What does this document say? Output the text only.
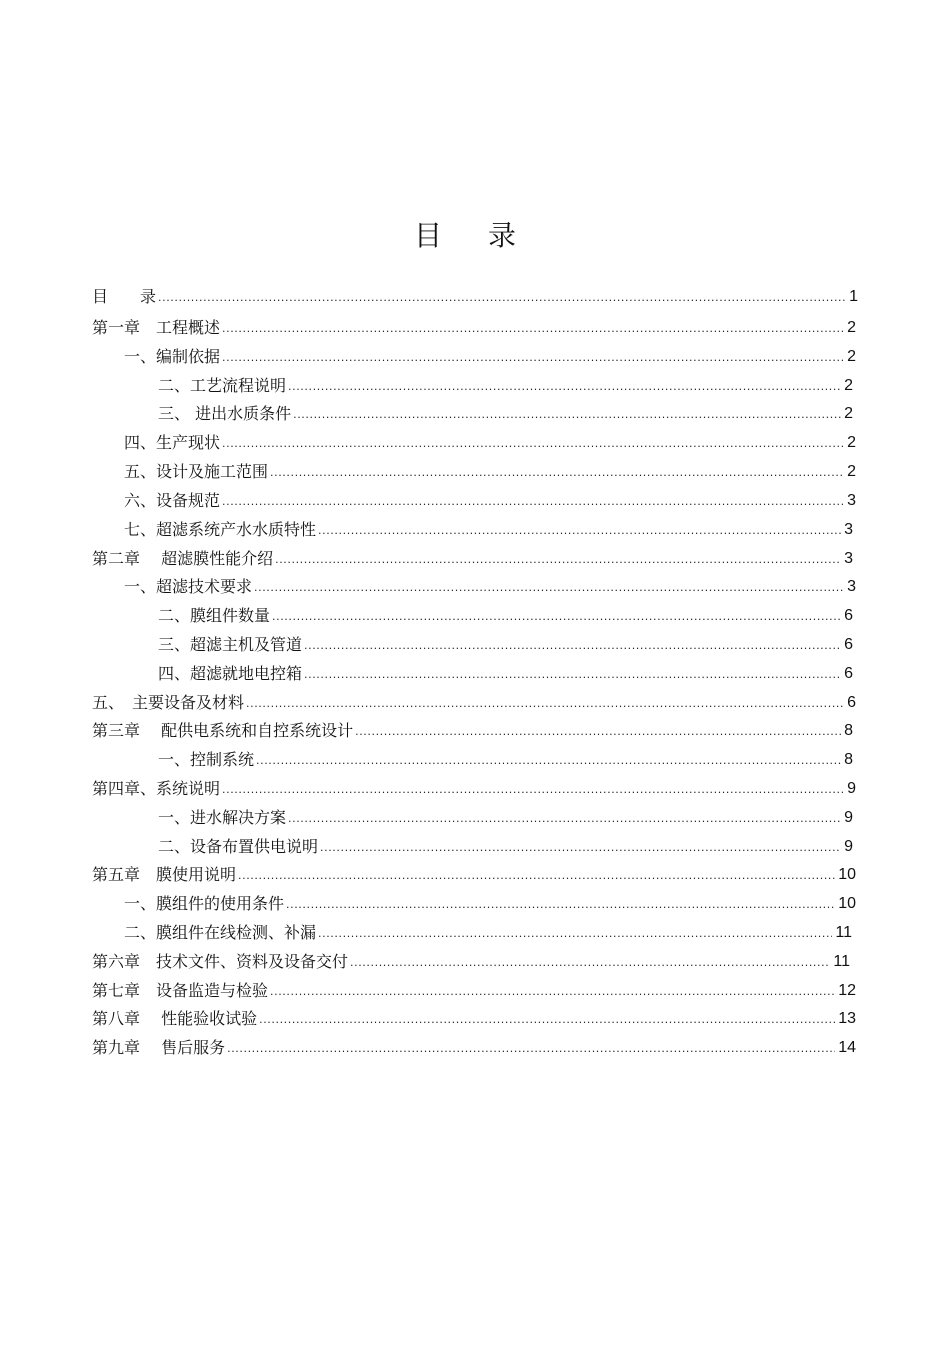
目 录
目　　录 .....	1
第一章　工程概述 .....	2
一、编制依据 .....	2
二、工艺流程说明 .....	2
三、 进出水质条件 .....	2
四、生产现状 .....	2
五、设计及施工范围 .....	2
六、设备规范 .....	3
七、超滤系统产水水质特性 .....	3
第二章　 超滤膜性能介绍 .....	3
一、超滤技术要求 .....	3
二、膜组件数量 .....	6
三、超滤主机及管道 .....	6
四、超滤就地电控箱 .....	6
五、　主要设备及材料 .....	6
第三章　 配供电系统和自控系统设计 .....	8
一、控制系统 .....	8
第四章、系统说明 .....	9
一、进水解决方案 .....	9
二、设备布置供电说明 .....	9
第五章　膜使用说明 .....	10
一、膜组件的使用条件 .....	10
二、膜组件在线检测、补漏 .....	11
第六章　技术文件、资料及设备交付 .....	11
第七章　设备监造与检验 .....	12
第八章　 性能验收试验 .....	13
第九章　 售后服务 .....	14
